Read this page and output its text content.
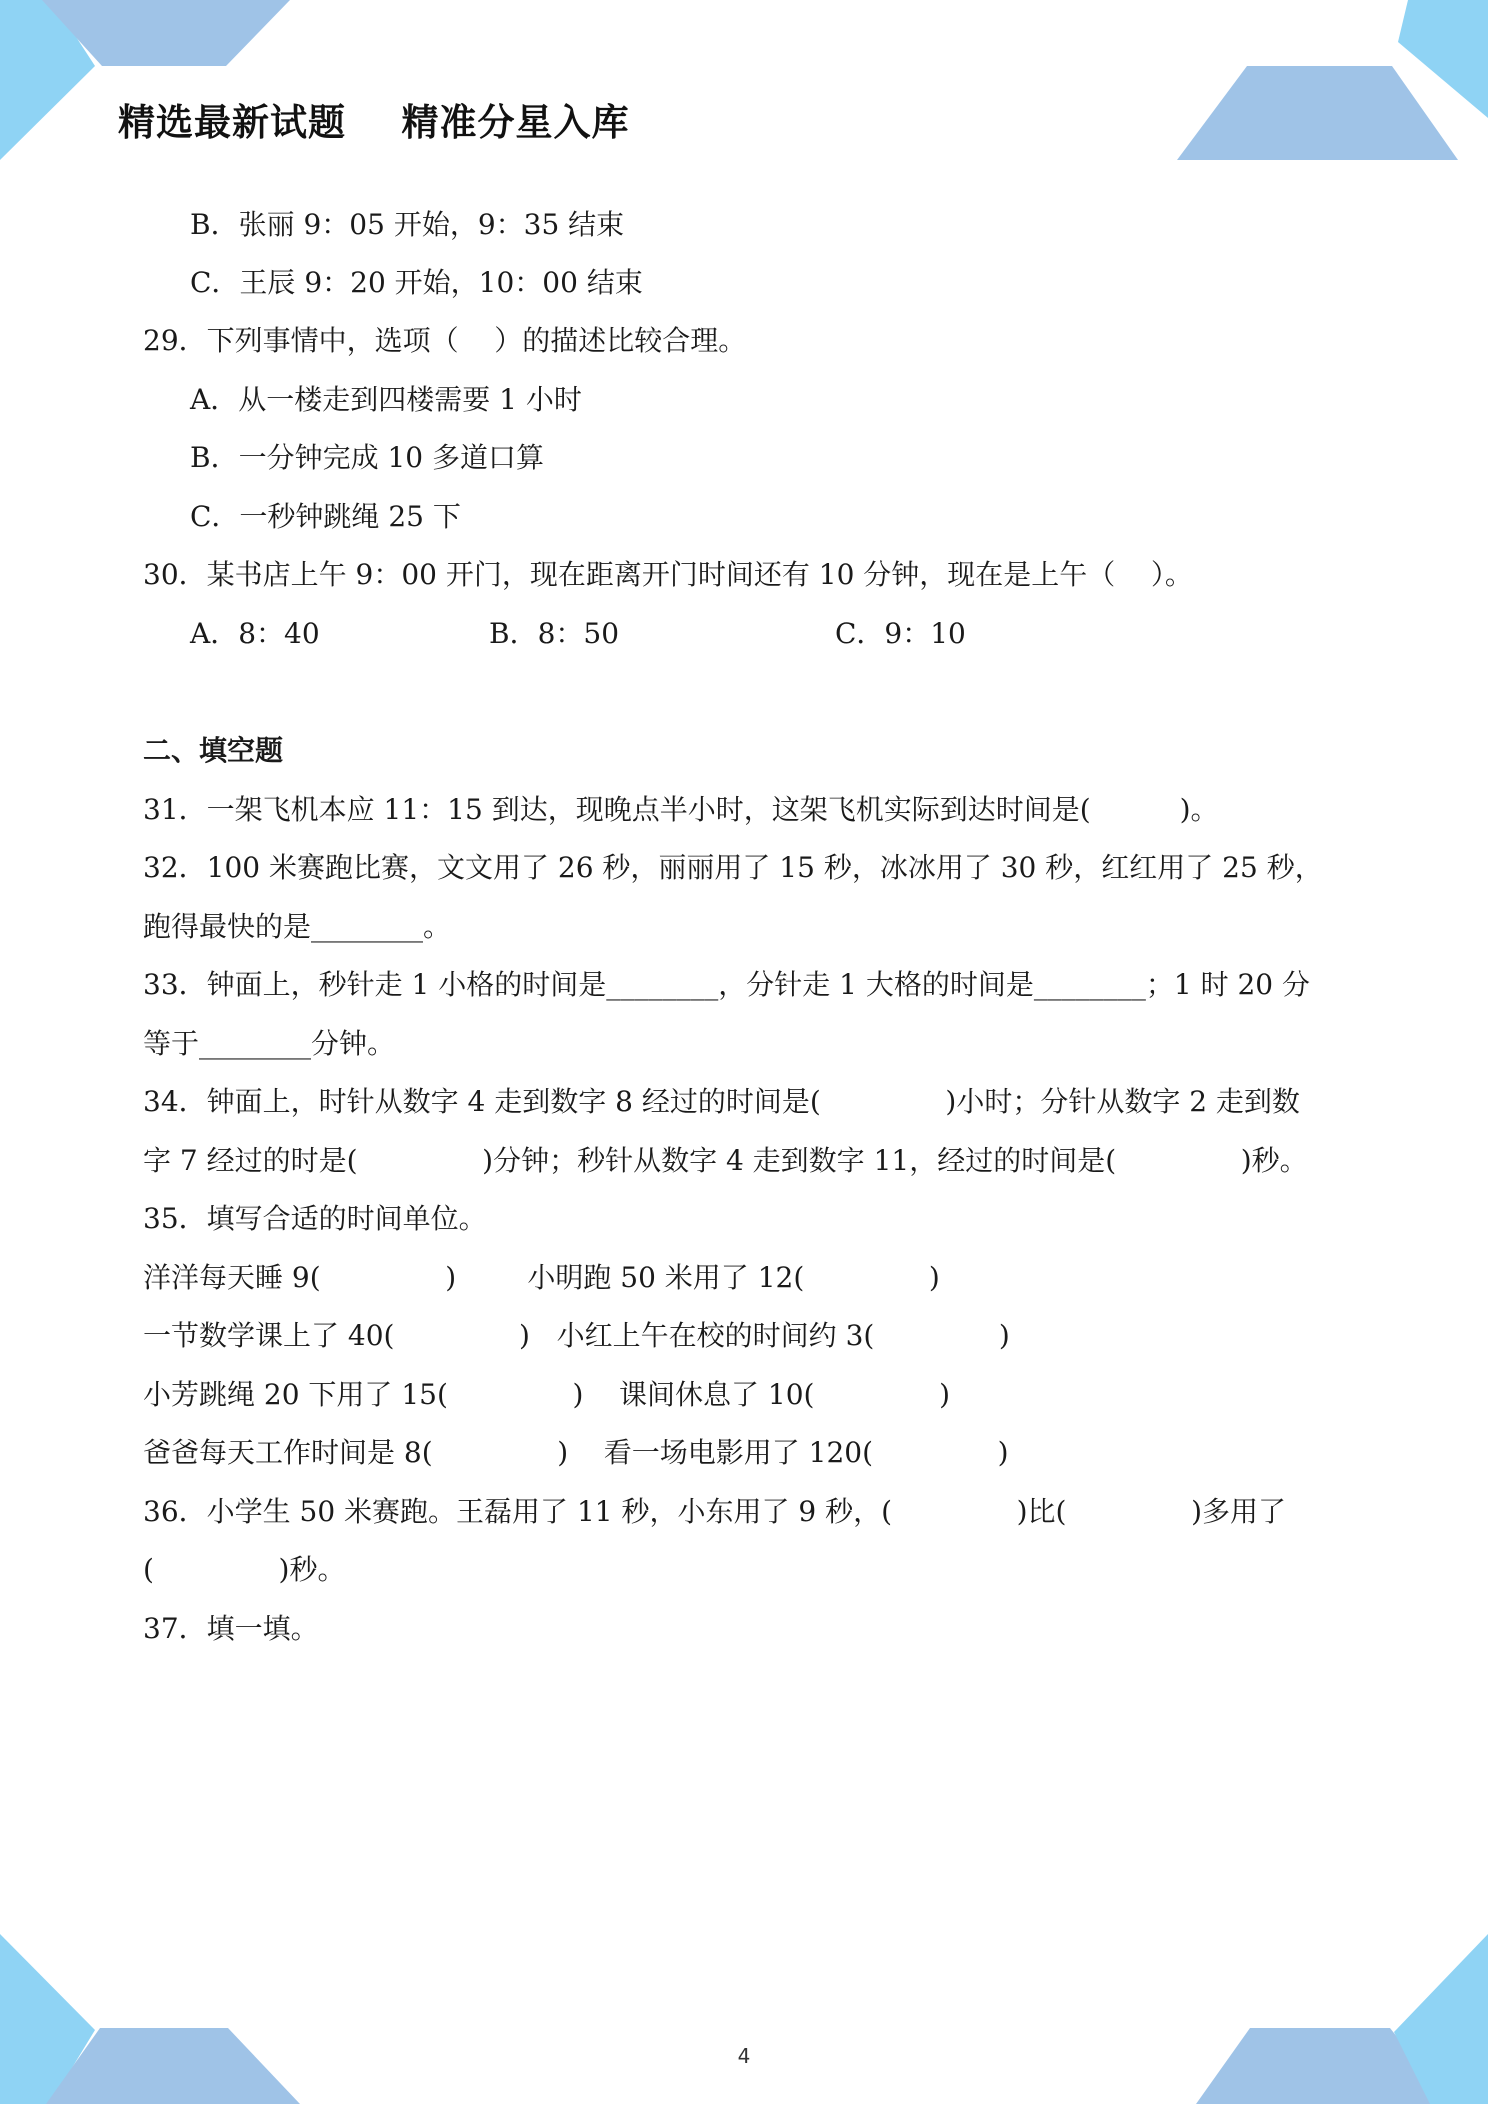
精选最新试题    精准分星入库
B．张丽 9：05 开始，9：35 结束
C．王辰 9：20 开始，10：00 结束
29．下列事情中，选项（    ）的描述比较合理。
A．从一楼走到四楼需要 1 小时
B．一分钟完成 10 多道口算
C．一秒钟跳绳 25 下
30．某书店上午 9：00 开门，现在距离开门时间还有 10 分钟，现在是上午（    ）。
A．8：40	B．8：50	C．9：10
二、填空题
31．一架飞机本应 11：15 到达，现晚点半小时，这架飞机实际到达时间是(          )。
32．100 米赛跑比赛，文文用了 26 秒，丽丽用了 15 秒，冰冰用了 30 秒，红红用了 25 秒，
跑得最快的是________。
33．钟面上，秒针走 1 小格的时间是________，分针走 1 大格的时间是________；1 时 20 分
等于________分钟。
34．钟面上，时针从数字 4 走到数字 8 经过的时间是(              )小时；分针从数字 2 走到数
字 7 经过的时是(              )分钟；秒针从数字 4 走到数字 11，经过的时间是(              )秒。
35．填写合适的时间单位。
洋洋每天睡 9(              )        小明跑 50 米用了 12(              )
一节数学课上了 40(              )   小红上午在校的时间约 3(              )
小芳跳绳 20 下用了 15(              )    课间休息了 10(              )
爸爸每天工作时间是 8(              )    看一场电影用了 120(              )
36．小学生 50 米赛跑。王磊用了 11 秒，小东用了 9 秒，(              )比(              )多用了
(              )秒。
37．填一填。
4
